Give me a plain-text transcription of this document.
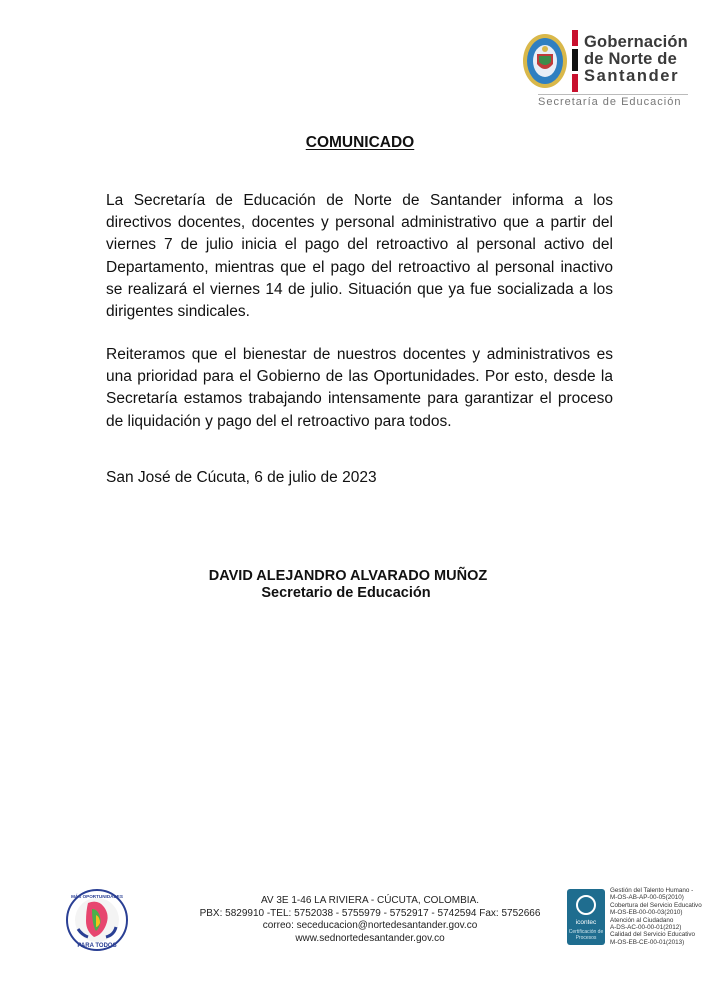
Gobernación
de Norte de
Santander
Secretaría de Educación
COMUNICADO
La Secretaría de Educación de Norte de Santander informa a los directivos docentes, docentes y personal administrativo que a partir del viernes 7 de julio inicia el pago del retroactivo al personal activo del Departamento, mientras que el pago del retroactivo al personal inactivo se realizará el viernes 14 de julio. Situación que ya fue socializada a los dirigentes sindicales.
Reiteramos que el bienestar de nuestros docentes y administrativos es una prioridad para el Gobierno de las Oportunidades. Por esto, desde la Secretaría estamos trabajando intensamente para garantizar el proceso de liquidación y pago del el retroactivo para todos.
San José de Cúcuta, 6 de julio de 2023
DAVID ALEJANDRO ALVARADO MUÑOZ
Secretario de Educación
PARA TODOS
MÁS OPORTUNIDADES	AV 3E 1-46 LA RIVIERA - CÚCUTA, COLOMBIA.
PBX: 5829910 -TEL: 5752038 - 5755979 - 5752917 - 5742594 Fax: 5752666
correo: seceducacion@nortedesantander.gov.co
www.sednortedesantander.gov.co
icontec
Certificación de Procesos
Gestión del Talento Humano -
M-OS-AB-AP-00-05(2010)
Cobertura del Servicio Educativo
M-OS-EB-00-00-03(2010)
Atención al Ciudadano
A-DS-AC-00-00-01(2012)
Calidad del Servicio Educativo
M-OS-EB-CE-00-01(2013)
